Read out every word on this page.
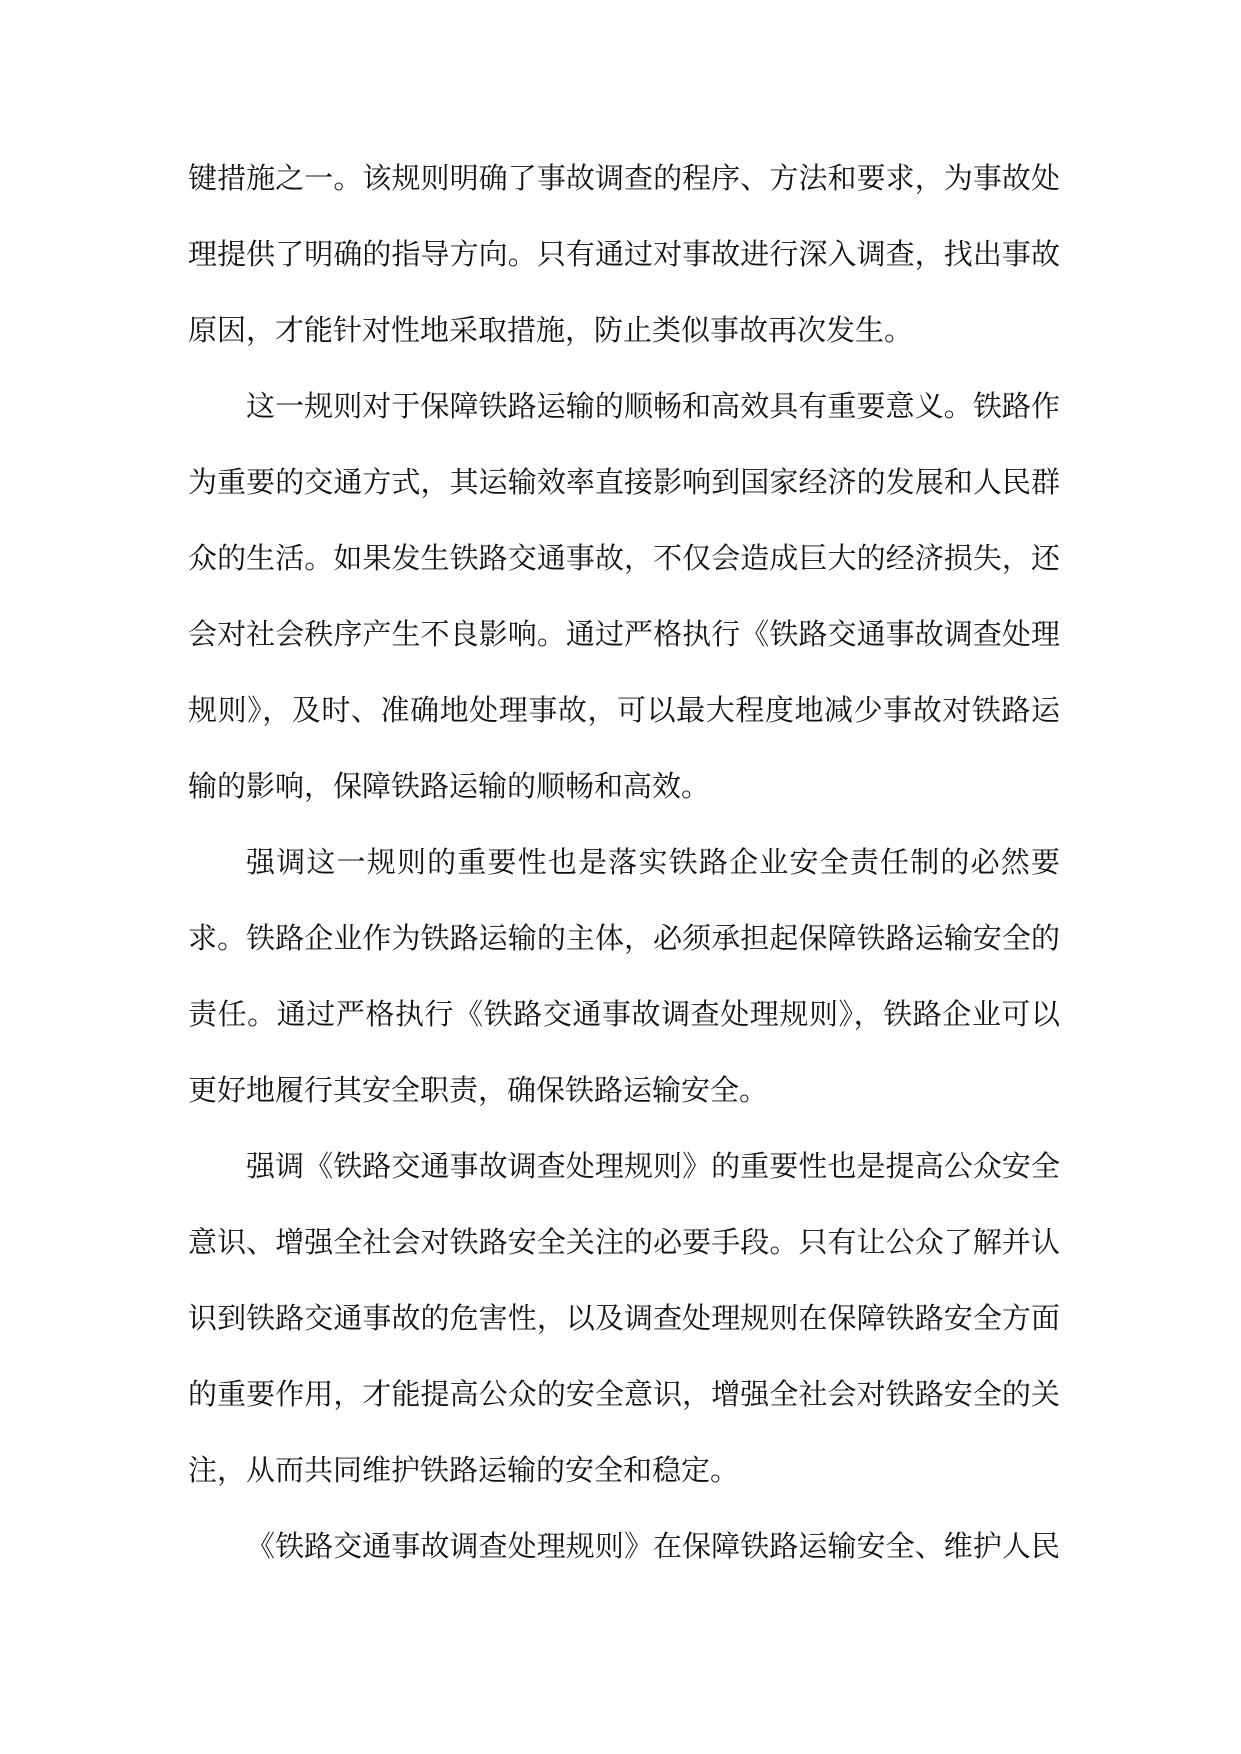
键措施之一。该规则明确了事故调查的程序、方法和要求，为事故处
理提供了明确的指导方向。只有通过对事故进行深入调查，找出事故
原因，才能针对性地采取措施，防止类似事故再次发生。
这一规则对于保障铁路运输的顺畅和高效具有重要意义。铁路作
为重要的交通方式，其运输效率直接影响到国家经济的发展和人民群
众的生活。如果发生铁路交通事故，不仅会造成巨大的经济损失，还
会对社会秩序产生不良影响。通过严格执行《铁路交通事故调查处理
规则》，及时、准确地处理事故，可以最大程度地减少事故对铁路运
输的影响，保障铁路运输的顺畅和高效。
强调这一规则的重要性也是落实铁路企业安全责任制的必然要
求。铁路企业作为铁路运输的主体，必须承担起保障铁路运输安全的
责任。通过严格执行《铁路交通事故调查处理规则》，铁路企业可以
更好地履行其安全职责，确保铁路运输安全。
强调《铁路交通事故调查处理规则》的重要性也是提高公众安全
意识、增强全社会对铁路安全关注的必要手段。只有让公众了解并认
识到铁路交通事故的危害性，以及调查处理规则在保障铁路安全方面
的重要作用，才能提高公众的安全意识，增强全社会对铁路安全的关
注，从而共同维护铁路运输的安全和稳定。
《铁路交通事故调查处理规则》在保障铁路运输安全、维护人民
